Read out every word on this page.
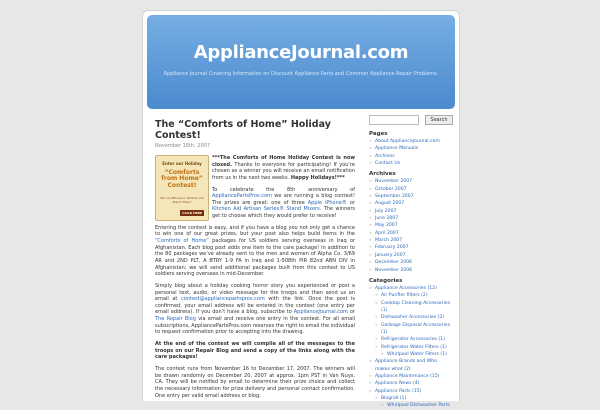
ApplianceJournal.com
Appliance Journal Covering Information on Discount Appliance Parts and Common Appliance Repair Problems.
The “Comforts of Home” Holiday Contest!
November 16th, 2007

Enter our Holiday
“Comforts from Home” Contest!
Win an iPhone or Kitchen Aid Stand Mixer!
CLICK HERE
***The Comforts of Home Holiday Contest is now closed. Thanks to everyone for participating! If you’re chosen as a winner you will receive an email notification from us in the next two weeks. Happy Holidays!***

To celebrate the 8th anniversary of AppliancePartsPros.com we are running a blog contest! The prizes are great: one of three Apple iPhone® or Kitchen Aid Artisan Series® Stand Mixers. The winners get to choose which they would prefer to receive!

Entering the contest is easy, and if you have a blog you not only get a chance to win one of our great prizes, but your post also helps build items in the “Comforts of Home” packages for US soldiers serving overseas in Iraq or Afghanistan. Each blog post adds one item to the care package! In addition to the 80 packages we’ve already sent to the men and women of Alpha Co. 3/69 AR and 2ND PLT, A BTRY 1-9 FA in Iraq and 1-508th PIR 82nd ABN DIV in Afghanistan; we will send additional packages built from this contest to US soldiers serving overseas in mid-December.

Simply blog about a holiday cooking horror story you experienced or post a personal text, audio, or video message for the troops and then send us an email at contest@appliancepartspros.com with the link. Once the post is confirmed, your email address will be entered in the contest (one entry per email address). If you don’t have a blog, subscribe to ApplianceJournal.com or The Repair Blog via email and receive one entry in the contest. For all email subscriptions, AppliancePartsPros.com reserves the right to email the individual to request confirmation prior to accepting into the drawing.

At the end of the contest we will compile all of the messages to the troops on our Repair Blog and send a copy of the links along with the care packages!

The contest runs from November 16 to December 17, 2007. The winners will be drawn randomly on December 20, 2007 at approx. 1pm PST in Van Nuys, CA. They will be notified by email to determine their prize choice and collect the necessary information for prize delivery and personal contact confirmation. One entry per valid email address or blog;

Search
Pages
» About ApplianceJournal.com
» Appliance Manuals
» Archives
» Contact Us
Archives
» November 2007
» October 2007
» September 2007
» August 2007
» July 2007
» June 2007
» May 2007
» April 2007
» March 2007
» February 2007
» January 2007
» December 2006
» November 2006
Categories
» Appliance Accessories (12)
» Air Purifier filters (2)
» Cooktop Cleaning Accessories (1)
» Dishwasher Accessories (2)
» Garbage Disposal Accessories (1)
» Refrigerator Accessories (1)
» Refrigerator Water Filters (1)
» Whirlpool Water Filters (1)
» Appliance Brands and Who makes what (2)
» Appliance Maintenance (15)
» Appliance News (4)
» Appliance Parts (15)
» Blogroll (1)
» Whirlpool Dishwasher Parts
